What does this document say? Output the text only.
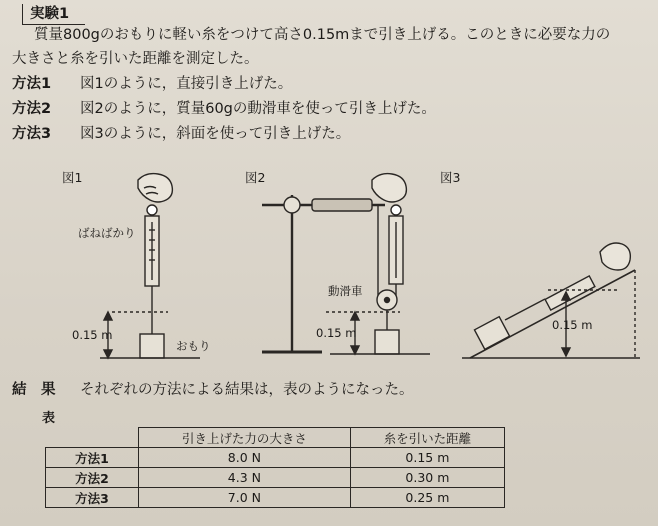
実験1
質量800gのおもりに軽い糸をつけて高さ0.15mまで引き上げる。このときに必要な力の
大きさと糸を引いた距離を測定した。
方法1 図1のように，直接引き上げた。
方法2 図2のように，質量60gの動滑車を使って引き上げた。
方法3 図3のように，斜面を使って引き上げた。
図1	図2	図3
ばねばかり
0.15 m
おもり
動滑車
0.15 m
0.15 m
結　果 それぞれの方法による結果は，表のようになった。
表
	引き上げた力の大きさ	糸を引いた距離
方法1	8.0 N	0.15 m
方法2	4.3 N	0.30 m
方法3	7.0 N	0.25 m
